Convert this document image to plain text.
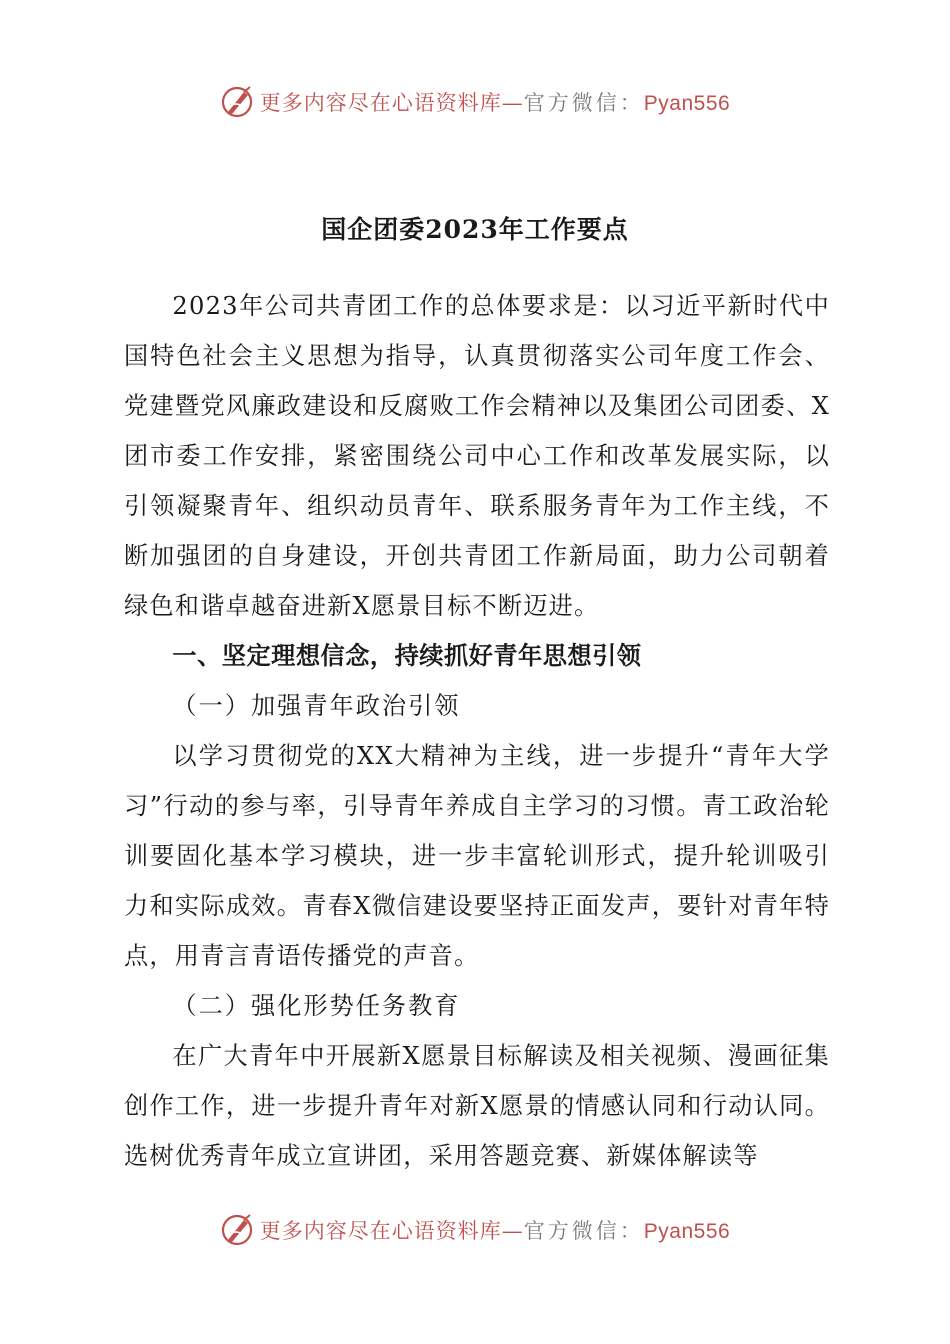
更多内容尽在心语资料库—官方微信：Pyan556
国企团委2023年工作要点

2023年公司共青团工作的总体要求是：以习近平新时代中国特色社会主义思想为指导，认真贯彻落实公司年度工作会、党建暨党风廉政建设和反腐败工作会精神以及集团公司团委、X团市委工作安排，紧密围绕公司中心工作和改革发展实际，以引领凝聚青年、组织动员青年、联系服务青年为工作主线，不断加强团的自身建设，开创共青团工作新局面，助力公司朝着绿色和谐卓越奋进新X愿景目标不断迈进。

一、坚定理想信念，持续抓好青年思想引领
（一）加强青年政治引领

以学习贯彻党的XX大精神为主线，进一步提升“青年大学习”行动的参与率，引导青年养成自主学习的习惯。青工政治轮训要固化基本学习模块，进一步丰富轮训形式，提升轮训吸引力和实际成效。青春X微信建设要坚持正面发声，要针对青年特点，用青言青语传播党的声音。

（二）强化形势任务教育

在广大青年中开展新X愿景目标解读及相关视频、漫画征集创作工作，进一步提升青年对新X愿景的情感认同和行动认同。选树优秀青年成立宣讲团，采用答题竞赛、新媒体解读等

更多内容尽在心语资料库—官方微信：Pyan556
